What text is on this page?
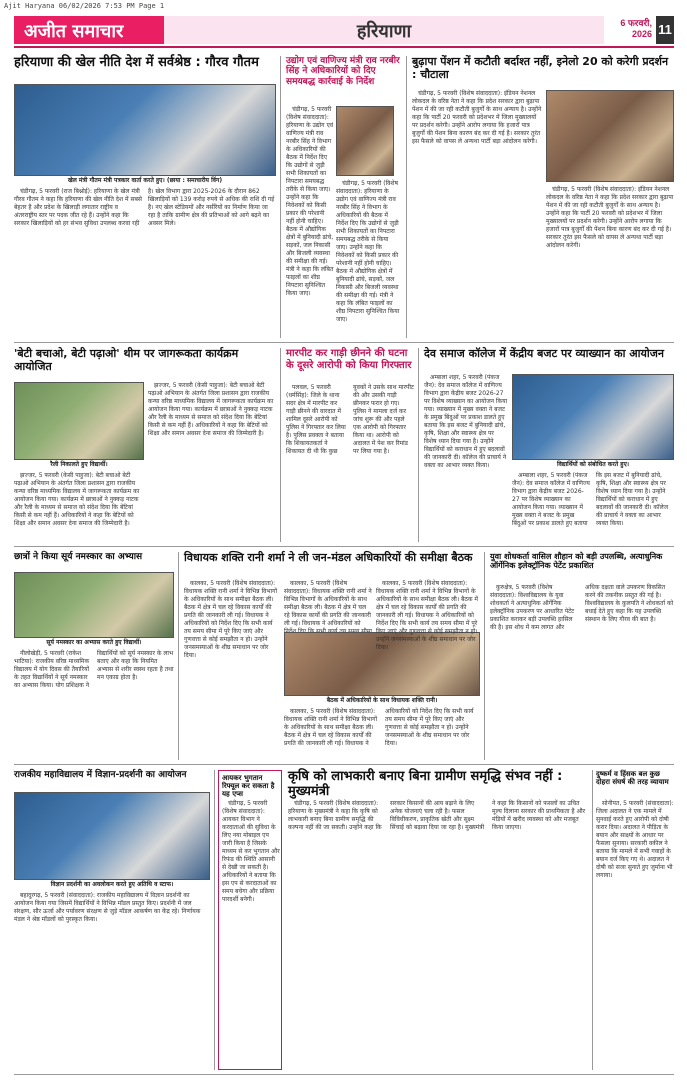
Ajit Haryana 06/02/2026 7:53 PM Page 1
अजीत समाचार	हरियाणा	6 फरवरी, 2026 11
हरियाणा की खेल नीति देश में सर्वश्रेष्ठ : गौरव गौतम
खेल मंत्री गौतम मंत्री पत्रकार वार्ता करते हुए। (छाया : समाचारीय विंग)

चंडीगढ़, 5 फरवरी (राज बिश्नोई): हरियाणा के खेल मंत्री गौरव गौतम ने कहा कि हरियाणा की खेल नीति देश में सबसे बेहतर है और प्रदेश के खिलाड़ी लगातार राष्ट्रीय व अंतरराष्ट्रीय स्तर पर पदक जीत रहे हैं। उन्होंने कहा कि सरकार खिलाड़ियों को हर संभव सुविधा उपलब्ध करवा रही है। खेल विभाग द्वारा 2025-2026 के दौरान 862 खिलाड़ियों को 139 करोड़ रुपये से अधिक की राशि दी गई है। नए खेल स्टेडियमों और नर्सरियों का निर्माण किया जा रहा है ताकि ग्रामीण क्षेत्र की प्रतिभाओं को आगे बढ़ने का अवसर मिले।

उद्योग एवं वाणिज्य मंत्री राव नरबीर सिंह ने अधिकारियों को दिए समयबद्ध कार्रवाई के निर्देश

चंडीगढ़, 5 फरवरी (विशेष संवाददाता): हरियाणा के उद्योग एवं वाणिज्य मंत्री राव नरबीर सिंह ने विभाग के अधिकारियों की बैठक में निर्देश दिए कि उद्योगों से जुड़ी सभी शिकायतों का निपटारा समयबद्ध तरीके से किया जाए। उन्होंने कहा कि निवेशकों को किसी प्रकार की परेशानी नहीं होनी चाहिए। बैठक में औद्योगिक क्षेत्रों में बुनियादी ढांचे, सड़कों, जल निकासी और बिजली व्यवस्था की समीक्षा की गई। मंत्री ने कहा कि लंबित फाइलों का शीघ्र निपटारा सुनिश्चित किया जाए।

चंडीगढ़, 5 फरवरी (विशेष संवाददाता): हरियाणा के उद्योग एवं वाणिज्य मंत्री राव नरबीर सिंह ने विभाग के अधिकारियों की बैठक में निर्देश दिए कि उद्योगों से जुड़ी सभी शिकायतों का निपटारा समयबद्ध तरीके से किया जाए। उन्होंने कहा कि निवेशकों को किसी प्रकार की परेशानी नहीं होनी चाहिए। बैठक में औद्योगिक क्षेत्रों में बुनियादी ढांचे, सड़कों, जल निकासी और बिजली व्यवस्था की समीक्षा की गई। मंत्री ने कहा कि लंबित फाइलों का शीघ्र निपटारा सुनिश्चित किया जाए।

बुढ़ापा पेंशन में कटौती बर्दाश्त नहीं, इनेलो 20 को करेगी प्रदर्शन : चौटाला

चंडीगढ़, 5 फरवरी (विशेष संवाददाता): इंडियन नेशनल लोकदल के वरिष्ठ नेता ने कहा कि प्रदेश सरकार द्वारा बुढ़ापा पेंशन में की जा रही कटौती बुजुर्गों के साथ अन्याय है। उन्होंने कहा कि पार्टी 20 फरवरी को प्रदेशभर में जिला मुख्यालयों पर प्रदर्शन करेगी। उन्होंने आरोप लगाया कि हजारों पात्र बुजुर्गों की पेंशन बिना कारण बंद कर दी गई है। सरकार तुरंत इस फैसले को वापस ले अन्यथा पार्टी बड़ा आंदोलन करेगी।

चंडीगढ़, 5 फरवरी (विशेष संवाददाता): इंडियन नेशनल लोकदल के वरिष्ठ नेता ने कहा कि प्रदेश सरकार द्वारा बुढ़ापा पेंशन में की जा रही कटौती बुजुर्गों के साथ अन्याय है। उन्होंने कहा कि पार्टी 20 फरवरी को प्रदेशभर में जिला मुख्यालयों पर प्रदर्शन करेगी। उन्होंने आरोप लगाया कि हजारों पात्र बुजुर्गों की पेंशन बिना कारण बंद कर दी गई है। सरकार तुरंत इस फैसले को वापस ले अन्यथा पार्टी बड़ा आंदोलन करेगी।

'बेटी बचाओ, बेटी पढ़ाओ' थीम पर जागरूकता कार्यक्रम आयोजित
रैली निकालते हुए विद्यार्थी।

झज्जर, 5 फरवरी (केसी पाहुजा): बेटी बचाओ बेटी पढ़ाओ अभियान के अंतर्गत जिला प्रशासन द्वारा राजकीय कन्या वरिष्ठ माध्यमिक विद्यालय में जागरूकता कार्यक्रम का आयोजन किया गया। कार्यक्रम में छात्राओं ने नुक्कड़ नाटक और रैली के माध्यम से समाज को संदेश दिया कि बेटियां किसी से कम नहीं हैं। अधिकारियों ने कहा कि बेटियों को शिक्षा और समान अवसर देना समाज की जिम्मेदारी है।

झज्जर, 5 फरवरी (केसी पाहुजा): बेटी बचाओ बेटी पढ़ाओ अभियान के अंतर्गत जिला प्रशासन द्वारा राजकीय कन्या वरिष्ठ माध्यमिक विद्यालय में जागरूकता कार्यक्रम का आयोजन किया गया। कार्यक्रम में छात्राओं ने नुक्कड़ नाटक और रैली के माध्यम से समाज को संदेश दिया कि बेटियां किसी से कम नहीं हैं। अधिकारियों ने कहा कि बेटियों को शिक्षा और समान अवसर देना समाज की जिम्मेदारी है।

मारपीट कर गाड़ी छीनने की घटना के दूसरे आरोपी को किया गिरफ्तार

पलवल, 5 फरवरी (धर्मसिंह): जिले के थाना सदर क्षेत्र में मारपीट कर गाड़ी छीनने की वारदात में शामिल दूसरे आरोपी को पुलिस ने गिरफ्तार कर लिया है। पुलिस प्रवक्ता ने बताया कि शिकायतकर्ता ने शिकायत दी थी कि कुछ युवकों ने उसके साथ मारपीट की और उसकी गाड़ी छीनकर फरार हो गए। पुलिस ने मामला दर्ज कर जांच शुरू की और पहले एक आरोपी को गिरफ्तार किया था। आरोपी को अदालत में पेश कर रिमांड पर लिया गया है।

देव समाज कॉलेज में केंद्रीय बजट पर व्याख्यान का आयोजन

अम्बाला शहर, 5 फरवरी (पंकज जैन): देव समाज कॉलेज में वाणिज्य विभाग द्वारा केंद्रीय बजट 2026-27 पर विशेष व्याख्यान का आयोजन किया गया। व्याख्यान में मुख्य वक्ता ने बजट के प्रमुख बिंदुओं पर प्रकाश डालते हुए बताया कि इस बजट में बुनियादी ढांचे, कृषि, शिक्षा और स्वास्थ्य क्षेत्र पर विशेष ध्यान दिया गया है। उन्होंने विद्यार्थियों को कराधान में हुए बदलावों की जानकारी दी। कॉलेज की प्राचार्य ने वक्ता का आभार व्यक्त किया।	विद्यार्थियों को संबोधित करते हुए।

अम्बाला शहर, 5 फरवरी (पंकज जैन): देव समाज कॉलेज में वाणिज्य विभाग द्वारा केंद्रीय बजट 2026-27 पर विशेष व्याख्यान का आयोजन किया गया। व्याख्यान में मुख्य वक्ता ने बजट के प्रमुख बिंदुओं पर प्रकाश डालते हुए बताया कि इस बजट में बुनियादी ढांचे, कृषि, शिक्षा और स्वास्थ्य क्षेत्र पर विशेष ध्यान दिया गया है। उन्होंने विद्यार्थियों को कराधान में हुए बदलावों की जानकारी दी। कॉलेज की प्राचार्य ने वक्ता का आभार व्यक्त किया।

छात्रों ने किया सूर्य नमस्कार का अभ्यास
सूर्य नमस्कार का अभ्यास करते हुए विद्यार्थी।

नीलोखेड़ी, 5 फरवरी (राकेश भाटिया): राजकीय वरिष्ठ माध्यमिक विद्यालय में योग दिवस की तैयारियों के तहत विद्यार्थियों ने सूर्य नमस्कार का अभ्यास किया। योग प्रशिक्षक ने विद्यार्थियों को सूर्य नमस्कार के लाभ बताए और कहा कि नियमित अभ्यास से शरीर स्वस्थ रहता है तथा मन एकाग्र होता है।

विधायक शक्ति रानी शर्मा ने ली जन-मंडल अधिकारियों की समीक्षा बैठक

कालका, 5 फरवरी (विशेष संवाददाता): विधायक शक्ति रानी शर्मा ने विभिन्न विभागों के अधिकारियों के साथ समीक्षा बैठक ली। बैठक में क्षेत्र में चल रहे विकास कार्यों की प्रगति की जानकारी ली गई। विधायक ने अधिकारियों को निर्देश दिए कि सभी कार्य तय समय सीमा में पूरे किए जाएं और गुणवत्ता से कोई समझौता न हो। उन्होंने जनसमस्याओं के शीघ्र समाधान पर जोर दिया।

कालका, 5 फरवरी (विशेष संवाददाता): विधायक शक्ति रानी शर्मा ने विभिन्न विभागों के अधिकारियों के साथ समीक्षा बैठक ली। बैठक में क्षेत्र में चल रहे विकास कार्यों की प्रगति की जानकारी ली गई। विधायक ने अधिकारियों को

बैठक में अधिकारियों के साथ विधायक शक्ति रानी।

कालका, 5 फरवरी (विशेष संवाददाता): विधायक शक्ति रानी शर्मा ने विभिन्न विभागों के अधिकारियों के साथ समीक्षा बैठक ली। बैठक में क्षेत्र में चल रहे विकास कार्यों की प्रगति की जानकारी ली गई। विधायक ने अधिकारियों को निर्देश दिए कि सभी कार्य तय समय सीमा में पूरे किए जाएं और गुणवत्ता से कोई समझौता न हो। उन्होंने जनसमस्याओं के शीघ्र समाधान पर जोर दिया।

कालका, 5 फरवरी (विशेष संवाददाता): विधायक शक्ति रानी शर्मा ने विभिन्न विभागों के अधिकारियों के साथ समीक्षा बैठक ली। बैठक में क्षेत्र में चल रहे विकास कार्यों की प्रगति की जानकारी ली गई। विधायक ने अधिकारियों को निर्देश दिए कि सभी कार्य तय समय सीमा में पूरे किए जाएं और गुणवत्ता से कोई समझौता न हो। उन्होंने जनसमस्याओं के शीघ्र समाधान पर जोर दिया।

युवा शोधकर्ता वासिल शौहान को बड़ी उपलब्धि, अत्याधुनिक ऑर्गेनिक इलेक्ट्रॉनिक पेटेंट प्रकाशित

कुरुक्षेत्र, 5 फरवरी (विशेष संवाददाता): विश्वविद्यालय के युवा शोधकर्ता ने अत्याधुनिक ऑर्गेनिक इलेक्ट्रॉनिक उपकरण पर आधारित पेटेंट प्रकाशित कराकर बड़ी उपलब्धि हासिल की है। इस शोध में कम लागत और अधिक दक्षता वाले उपकरण विकसित करने की तकनीक प्रस्तुत की गई है। विश्वविद्यालय के कुलपति ने शोधकर्ता को बधाई देते हुए कहा कि यह उपलब्धि संस्थान के लिए गौरव की बात है।

राजकीय महाविद्यालय में विज्ञान-प्रदर्शनी का आयोजन
विज्ञान प्रदर्शनी का अवलोकन करते हुए अतिथि व स्टाफ।

बहादुरगढ़, 5 फरवरी (संवाददाता): राजकीय महाविद्यालय में विज्ञान प्रदर्शनी का आयोजन किया गया जिसमें विद्यार्थियों ने विभिन्न मॉडल प्रस्तुत किए। प्रदर्शनी में जल संरक्षण, सौर ऊर्जा और पर्यावरण संरक्षण से जुड़े मॉडल आकर्षण का केंद्र रहे। निर्णायक मंडल ने श्रेष्ठ मॉडलों को पुरस्कृत किया।

आयकर भुगतान रिफ्यूल कर सकता है यह एप्स

चंडीगढ़, 5 फरवरी (विशेष संवाददाता): आयकर विभाग ने करदाताओं की सुविधा के लिए नया मोबाइल एप जारी किया है जिसके माध्यम से कर भुगतान और रिफंड की स्थिति आसानी से देखी जा सकती है। अधिकारियों ने बताया कि इस एप से करदाताओं का समय बचेगा और प्रक्रिया पारदर्शी बनेगी।

कृषि को लाभकारी बनाए बिना ग्रामीण समृद्धि संभव नहीं : मुख्यमंत्री

चंडीगढ़, 5 फरवरी (विशेष संवाददाता): हरियाणा के मुख्यमंत्री ने कहा कि कृषि को लाभकारी बनाए बिना ग्रामीण समृद्धि की कल्पना नहीं की जा सकती। उन्होंने कहा कि सरकार किसानों की आय बढ़ाने के लिए अनेक योजनाएं चला रही है। फसल विविधीकरण, प्राकृतिक खेती और सूक्ष्म सिंचाई को बढ़ावा दिया जा रहा है। मुख्यमंत्री ने कहा कि किसानों को फसलों का उचित मूल्य दिलाना सरकार की प्राथमिकता है और मंडियों में खरीद व्यवस्था को और मजबूत किया जाएगा।

दुष्कर्म व हिंसक बल कुछ दोहरा संघर्ष की तरह व्यायाम

सोनीपत, 5 फरवरी (संवाददाता): जिला अदालत ने एक मामले में सुनवाई करते हुए आरोपी को दोषी करार दिया। अदालत ने पीड़िता के बयान और साक्ष्यों के आधार पर फैसला सुनाया। सरकारी वकील ने बताया कि मामले में सभी गवाहों के बयान दर्ज किए गए थे। अदालत ने दोषी को सजा सुनाते हुए जुर्माना भी लगाया।
